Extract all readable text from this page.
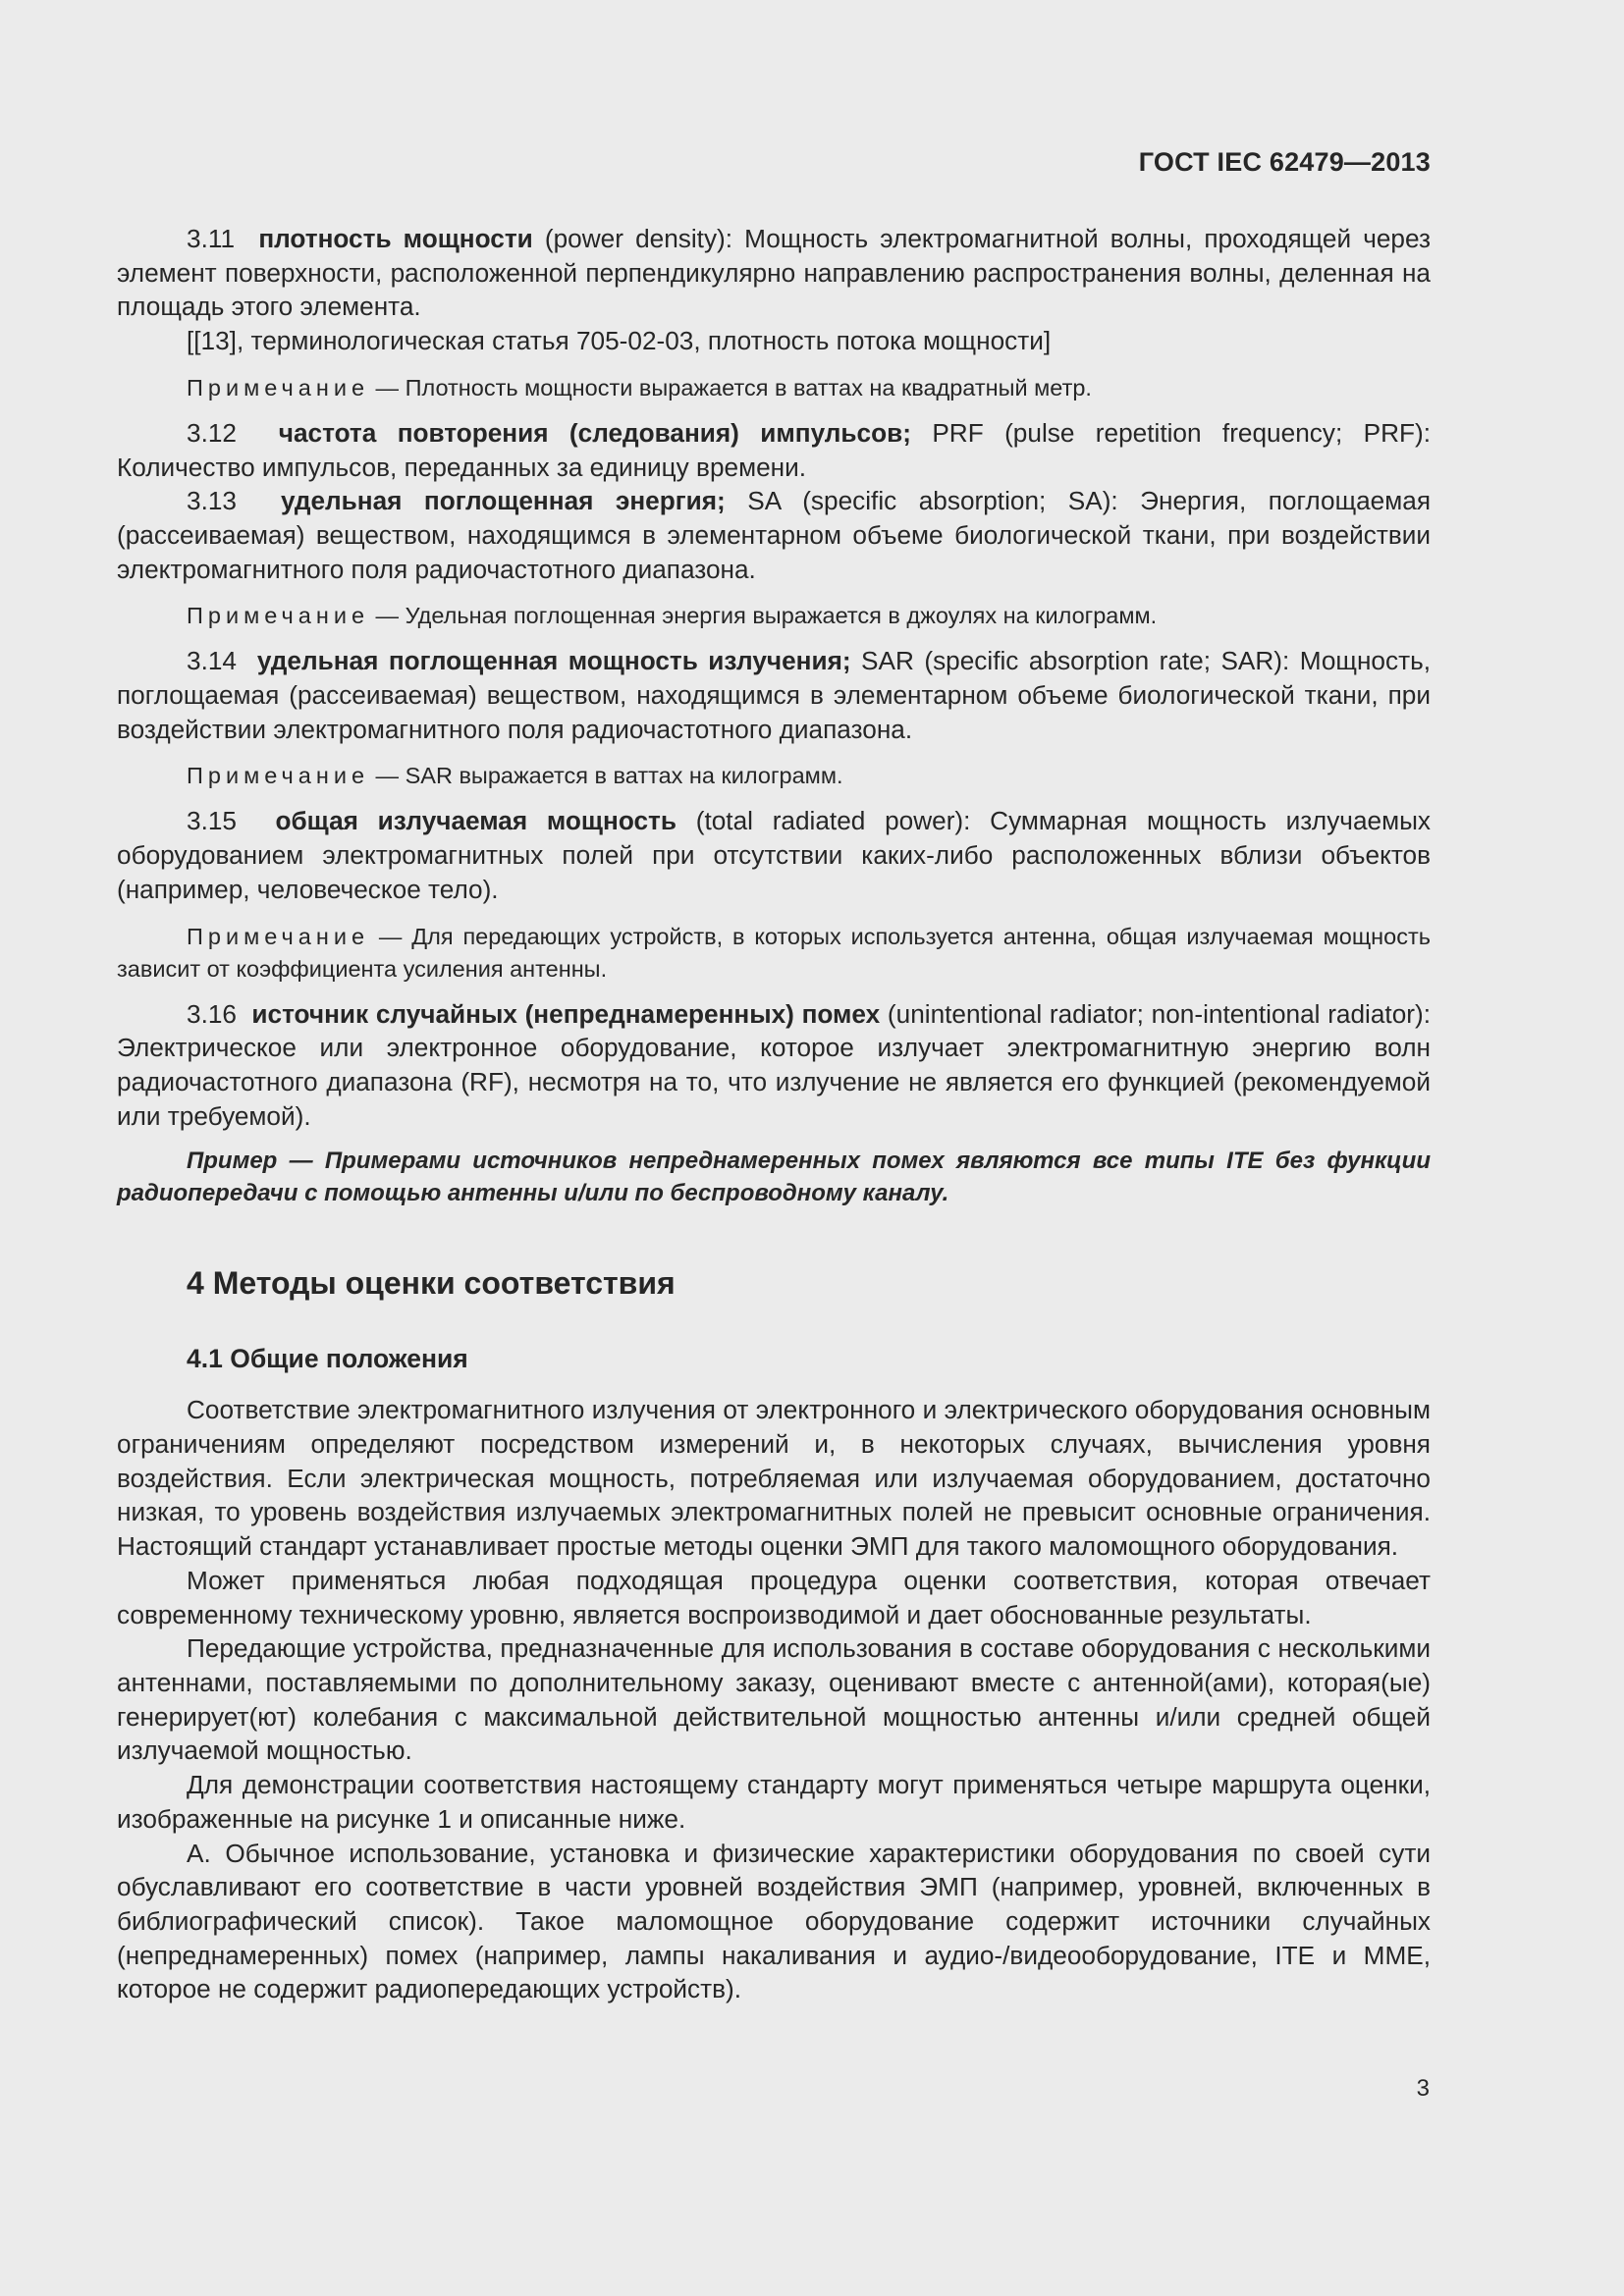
ГОСТ IEC 62479—2013

3.11 плотность мощности (power density): Мощность электромагнитной волны, проходящей через элемент поверхности, расположенной перпендикулярно направлению распространения волны, деленная на площадь этого элемента.

[[13], терминологическая статья 705-02-03, плотность потока мощности]

Примечание — Плотность мощности выражается в ваттах на квадратный метр.

3.12 частота повторения (следования) импульсов; PRF (pulse repetition frequency; PRF): Количество импульсов, переданных за единицу времени.

3.13 удельная поглощенная энергия; SA (specific absorption; SA): Энергия, поглощаемая (рассеиваемая) веществом, находящимся в элементарном объеме биологической ткани, при воздействии электромагнитного поля радиочастотного диапазона.

Примечание — Удельная поглощенная энергия выражается в джоулях на килограмм.

3.14 удельная поглощенная мощность излучения; SAR (specific absorption rate; SAR): Мощность, поглощаемая (рассеиваемая) веществом, находящимся в элементарном объеме биологической ткани, при воздействии электромагнитного поля радиочастотного диапазона.

Примечание — SAR выражается в ваттах на килограмм.

3.15 общая излучаемая мощность (total radiated power): Суммарная мощность излучаемых оборудованием электромагнитных полей при отсутствии каких-либо расположенных вблизи объектов (например, человеческое тело).

Примечание — Для передающих устройств, в которых используется антенна, общая излучаемая мощность зависит от коэффициента усиления антенны.

3.16 источник случайных (непреднамеренных) помех (unintentional radiator; non-intentional radiator): Электрическое или электронное оборудование, которое излучает электромагнитную энергию волн радиочастотного диапазона (RF), несмотря на то, что излучение не является его функцией (рекомендуемой или требуемой).

Пример — Примерами источников непреднамеренных помех являются все типы ITE без функции радиопередачи с помощью антенны и/или по беспроводному каналу.

4 Методы оценки соответствия
4.1 Общие положения

Соответствие электромагнитного излучения от электронного и электрического оборудования основным ограничениям определяют посредством измерений и, в некоторых случаях, вычисления уровня воздействия. Если электрическая мощность, потребляемая или излучаемая оборудованием, достаточно низкая, то уровень воздействия излучаемых электромагнитных полей не превысит основные ограничения. Настоящий стандарт устанавливает простые методы оценки ЭМП для такого маломощного оборудования.

Может применяться любая подходящая процедура оценки соответствия, которая отвечает современному техническому уровню, является воспроизводимой и дает обоснованные результаты.

Передающие устройства, предназначенные для использования в составе оборудования с несколькими антеннами, поставляемыми по дополнительному заказу, оценивают вместе с антенной(ами), которая(ые) генерирует(ют) колебания с максимальной действительной мощностью антенны и/или средней общей излучаемой мощностью.

Для демонстрации соответствия настоящему стандарту могут применяться четыре маршрута оценки, изображенные на рисунке 1 и описанные ниже.

А. Обычное использование, установка и физические характеристики оборудования по своей сути обуславливают его соответствие в части уровней воздействия ЭМП (например, уровней, включенных в библиографический список). Такое маломощное оборудование содержит источники случайных (непреднамеренных) помех (например, лампы накаливания и аудио-/видеооборудование, ITE и MME, которое не содержит радиопередающих устройств).

3
